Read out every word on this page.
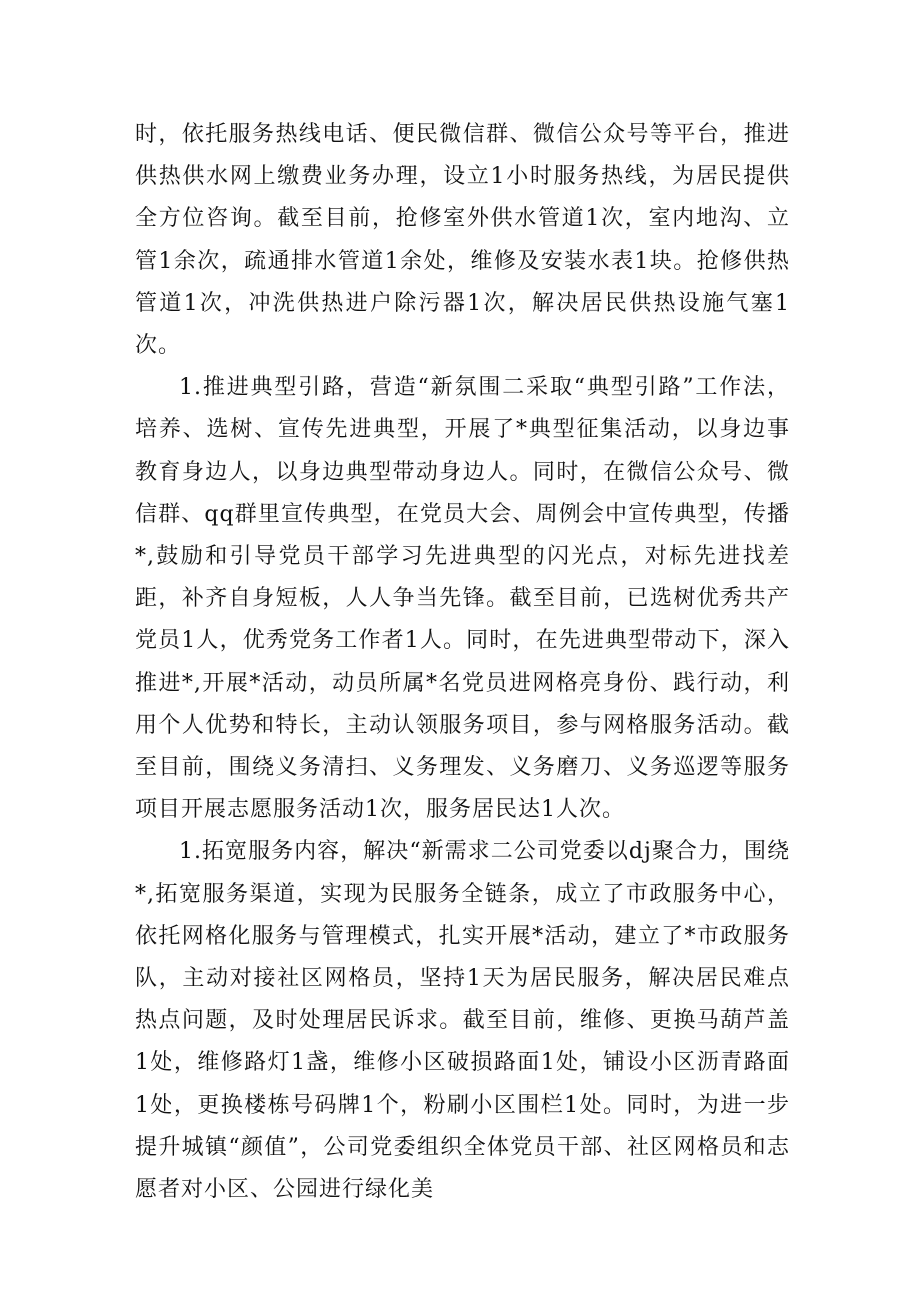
时，依托服务热线电话、便民微信群、微信公众号等平台，推进供热供水网上缴费业务办理，设立1小时服务热线，为居民提供全方位咨询。截至目前，抢修室外供水管道1次，室内地沟、立管1余次，疏通排水管道1余处，维修及安装水表1块。抢修供热管道1次，冲洗供热进户除污器1次，解决居民供热设施气塞1次。

1.推进典型引路，营造“新氛围二采取“典型引路”工作法，培养、选树、宣传先进典型，开展了*典型征集活动，以身边事教育身边人，以身边典型带动身边人。同时，在微信公众号、微信群、qq群里宣传典型，在党员大会、周例会中宣传典型，传播*,鼓励和引导党员干部学习先进典型的闪光点，对标先进找差距，补齐自身短板，人人争当先锋。截至目前，已选树优秀共产党员1人，优秀党务工作者1人。同时，在先进典型带动下，深入推进*,开展*活动，动员所属*名党员进网格亮身份、践行动，利用个人优势和特长，主动认领服务项目，参与网格服务活动。截至目前，围绕义务清扫、义务理发、义务磨刀、义务巡逻等服务项目开展志愿服务活动1次，服务居民达1人次。

1.拓宽服务内容，解决“新需求二公司党委以dj聚合力，围绕*,拓宽服务渠道，实现为民服务全链条，成立了市政服务中心，依托网格化服务与管理模式，扎实开展*活动，建立了*市政服务队，主动对接社区网格员，坚持1天为居民服务，解决居民难点热点问题，及时处理居民诉求。截至目前，维修、更换马葫芦盖1处，维修路灯1盏，维修小区破损路面1处，铺设小区沥青路面1处，更换楼栋号码牌1个，粉刷小区围栏1处。同时，为进一步提升城镇“颜值”，公司党委组织全体党员干部、社区网格员和志愿者对小区、公园进行绿化美
